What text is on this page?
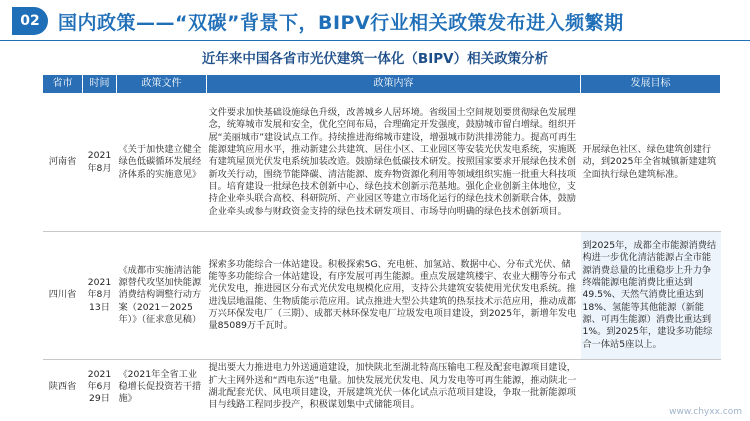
02 国内政策——“双碳”背景下，BIPV行业相关政策发布进入频繁期
近年来中国各省市光伏建筑一体化（BIPV）相关政策分析
省市	时间	政策文件	政策内容	发展目标
河南省	2021年8月	《关于加快建立健全绿色低碳循环发展经济体系的实施意见》	文件要求加快基础设施绿色升级，改善城乡人居环境。省级国土空间规划要贯彻绿色发展理念，统筹城市发展和安全，优化空间布局，合理确定开发强度，鼓励城市留白增绿。组织开展“美丽城市”建设试点工作。持续推进海绵城市建设，增强城市防洪排涝能力。提高可再生能源建筑应用水平，推动新建公共建筑、居住小区、工业园区等安装光伏发电系统，实施既有建筑屋顶光伏发电系统加装改造。鼓励绿色低碳技术研发。按照国家要求开展绿色技术创新攻关行动，围绕节能降碳、清洁能源、废弃物资源化利用等领域组织实施一批重大科技项目。培育建设一批绿色技术创新中心、绿色技术创新示范基地。强化企业创新主体地位，支持企业牵头联合高校、科研院所、产业园区等建立市场化运行的绿色技术创新联合体，鼓励企业牵头或参与财政资金支持的绿色技术研发项目、市场导向明确的绿色技术创新项目。	开展绿色社区、绿色建筑创建行动，到2025年全省城镇新建建筑全面执行绿色建筑标准。
四川省	2021年8月13日	《成都市实施清洁能源替代攻坚加快能源消费结构调整行动方案（2021－2025年）》（征求意见稿）	探索多功能综合一体站建设。积极探索5G、充电桩、加氢站、数据中心、分布式光伏、储能等多功能综合一体站建设，有序发展可再生能源。重点发展建筑楼宇、农业大棚等分布式光伏发电，推进园区分布式光伏发电规模化应用，支持公共建筑安装使用光伏发电系统。推进浅层地温能、生物质能示范应用。试点推进大型公共建筑的热泵技术示范应用，推动成都万兴环保发电厂（三期）、成都天林环保发电厂垃圾发电项目建设，到2025年，新增年发电量85089万千瓦时。	到2025年，成都全市能源消费结构进一步优化清洁能源占全市能源消费总量的比重稳步上升力争终端能源电能消费比重达到49.5%、天然气消费比重达到18%、氢能等其他能源（新能源、可再生能源）消费比重达到1%。到2025年，建设多功能综合一体站5座以上。
陕西省	2021年6月29日	《2021年全省工业稳增长促投资若干措施》	提出要大力推进电力外送通道建设，加快陕北至湖北特高压输电工程及配套电源项目建设，扩大主网外送和“西电东送”电量。加快发展光伏发电、风力发电等可再生能源，推动陕北一湖北配套光伏、风电项目建设，开展建筑光伏一体化试点示范项目建设，争取一批新能源项目与线路工程同步投产，积极谋划集中式储能项目。	
www.chyxx.com
